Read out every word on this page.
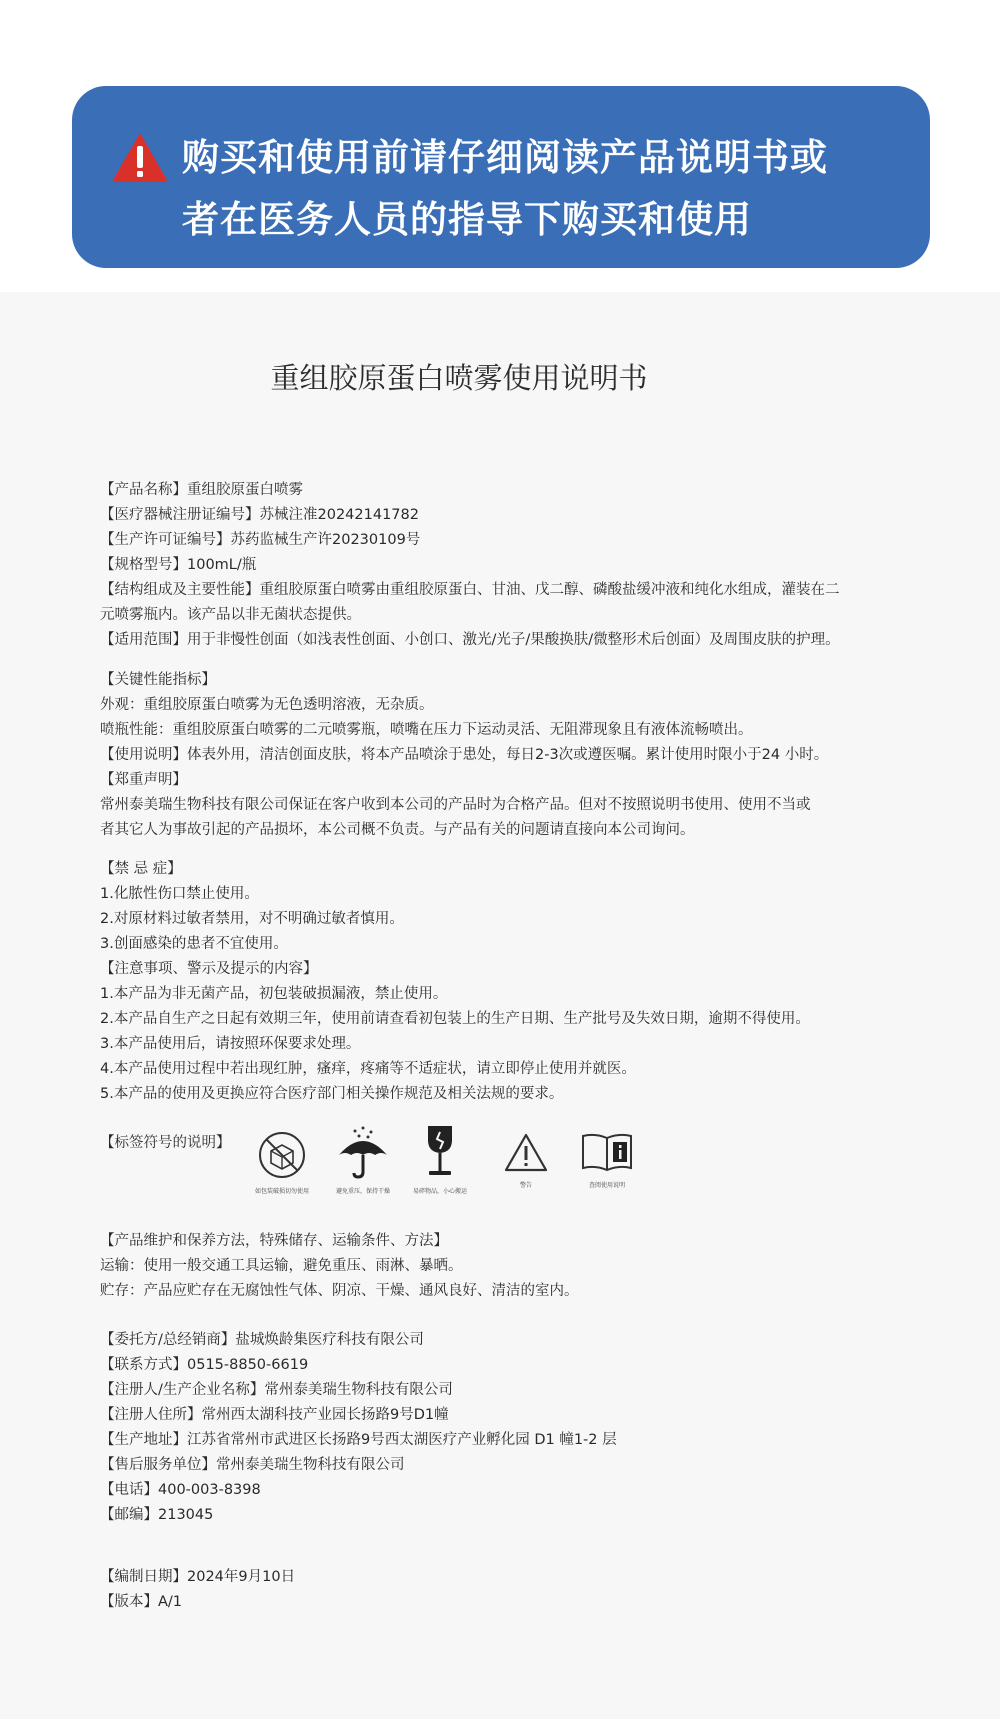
购买和使用前请仔细阅读产品说明书或
者在医务人员的指导下购买和使用
重组胶原蛋白喷雾使用说明书
【产品名称】重组胶原蛋白喷雾
【医疗器械注册证编号】苏械注准20242141782
【生产许可证编号】苏药监械生产许20230109号
【规格型号】100mL/瓶
【结构组成及主要性能】重组胶原蛋白喷雾由重组胶原蛋白、甘油、戊二醇、磷酸盐缓冲液和纯化水组成，灌装在二
元喷雾瓶内。该产品以非无菌状态提供。
【适用范围】用于非慢性创面（如浅表性创面、小创口、激光/光子/果酸换肤/微整形术后创面）及周围皮肤的护理。
【关键性能指标】
外观：重组胶原蛋白喷雾为无色透明溶液，无杂质。
喷瓶性能：重组胶原蛋白喷雾的二元喷雾瓶，喷嘴在压力下运动灵活、无阻滞现象且有液体流畅喷出。
【使用说明】体表外用，清洁创面皮肤，将本产品喷涂于患处，每日2-3次或遵医嘱。累计使用时限小于24 小时。
【郑重声明】
常州泰美瑞生物科技有限公司保证在客户收到本公司的产品时为合格产品。但对不按照说明书使用、使用不当或
者其它人为事故引起的产品损坏，本公司概不负责。与产品有关的问题请直接向本公司询问。
【禁 忌 症】
1.化脓性伤口禁止使用。
2.对原材料过敏者禁用，对不明确过敏者慎用。
3.创面感染的患者不宜使用。
【注意事项、警示及提示的内容】
1.本产品为非无菌产品，初包装破损漏液，禁止使用。
2.本产品自生产之日起有效期三年，使用前请查看初包装上的生产日期、生产批号及失效日期，逾期不得使用。
3.本产品使用后，请按照环保要求处理。
4.本产品使用过程中若出现红肿，瘙痒，疼痛等不适症状，请立即停止使用并就医。
5.本产品的使用及更换应符合医疗部门相关操作规范及相关法规的要求。
【标签符号的说明】
如包装破损切勿使用	避免重压，保持干燥	易碎物品，小心搬运
警告	查阅使用说明
【产品维护和保养方法，特殊储存、运输条件、方法】
运输：使用一般交通工具运输，避免重压、雨淋、暴晒。
贮存：产品应贮存在无腐蚀性气体、阴凉、干燥、通风良好、清洁的室内。
【委托方/总经销商】盐城焕龄集医疗科技有限公司
【联系方式】0515-8850-6619
【注册人/生产企业名称】常州泰美瑞生物科技有限公司
【注册人住所】常州西太湖科技产业园长扬路9号D1幢
【生产地址】江苏省常州市武进区长扬路9号西太湖医疗产业孵化园 D1 幢1-2 层
【售后服务单位】常州泰美瑞生物科技有限公司
【电话】400-003-8398
【邮编】213045
【编制日期】2024年9月10日
【版本】A/1
